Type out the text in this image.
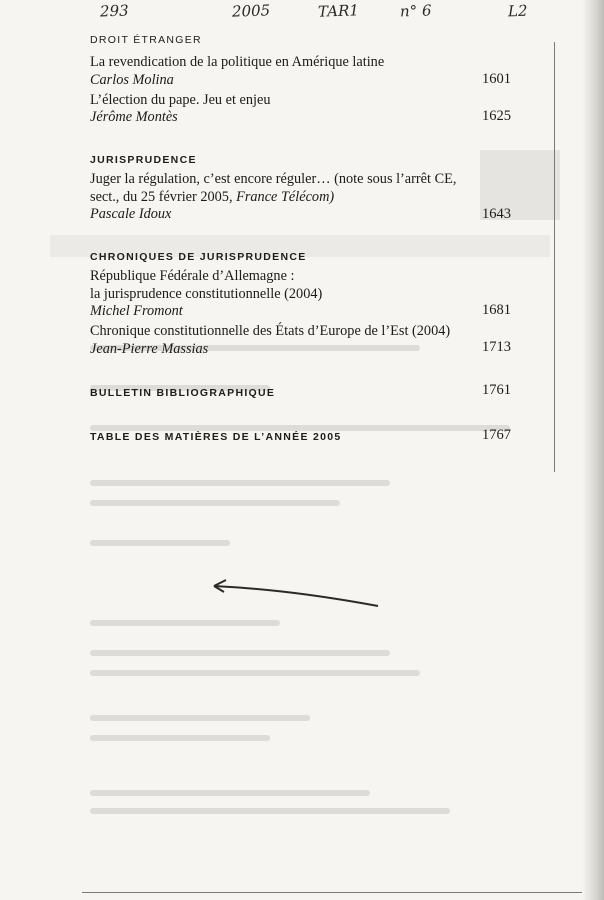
293	2005	TAR1	n° 6	L2
DROIT ÉTRANGER
La revendication de la politique en Amérique latine
Carlos Molina	1601
L’élection du pape. Jeu et enjeu
Jérôme Montès	1625
JURISPRUDENCE
Juger la régulation, c’est encore réguler… (note sous l’arrêt CE,
sect., du 25 février 2005, France Télécom)
Pascale Idoux	1643
CHRONIQUES DE JURISPRUDENCE
République Fédérale d’Allemagne :
la jurisprudence constitutionnelle (2004)
Michel Fromont	1681
Chronique constitutionnelle des États d’Europe de l’Est (2004)
Jean-Pierre Massias	1713
BULLETIN BIBLIOGRAPHIQUE	1761
TABLE DES MATIÈRES DE L’ANNÉE 2005	1767
